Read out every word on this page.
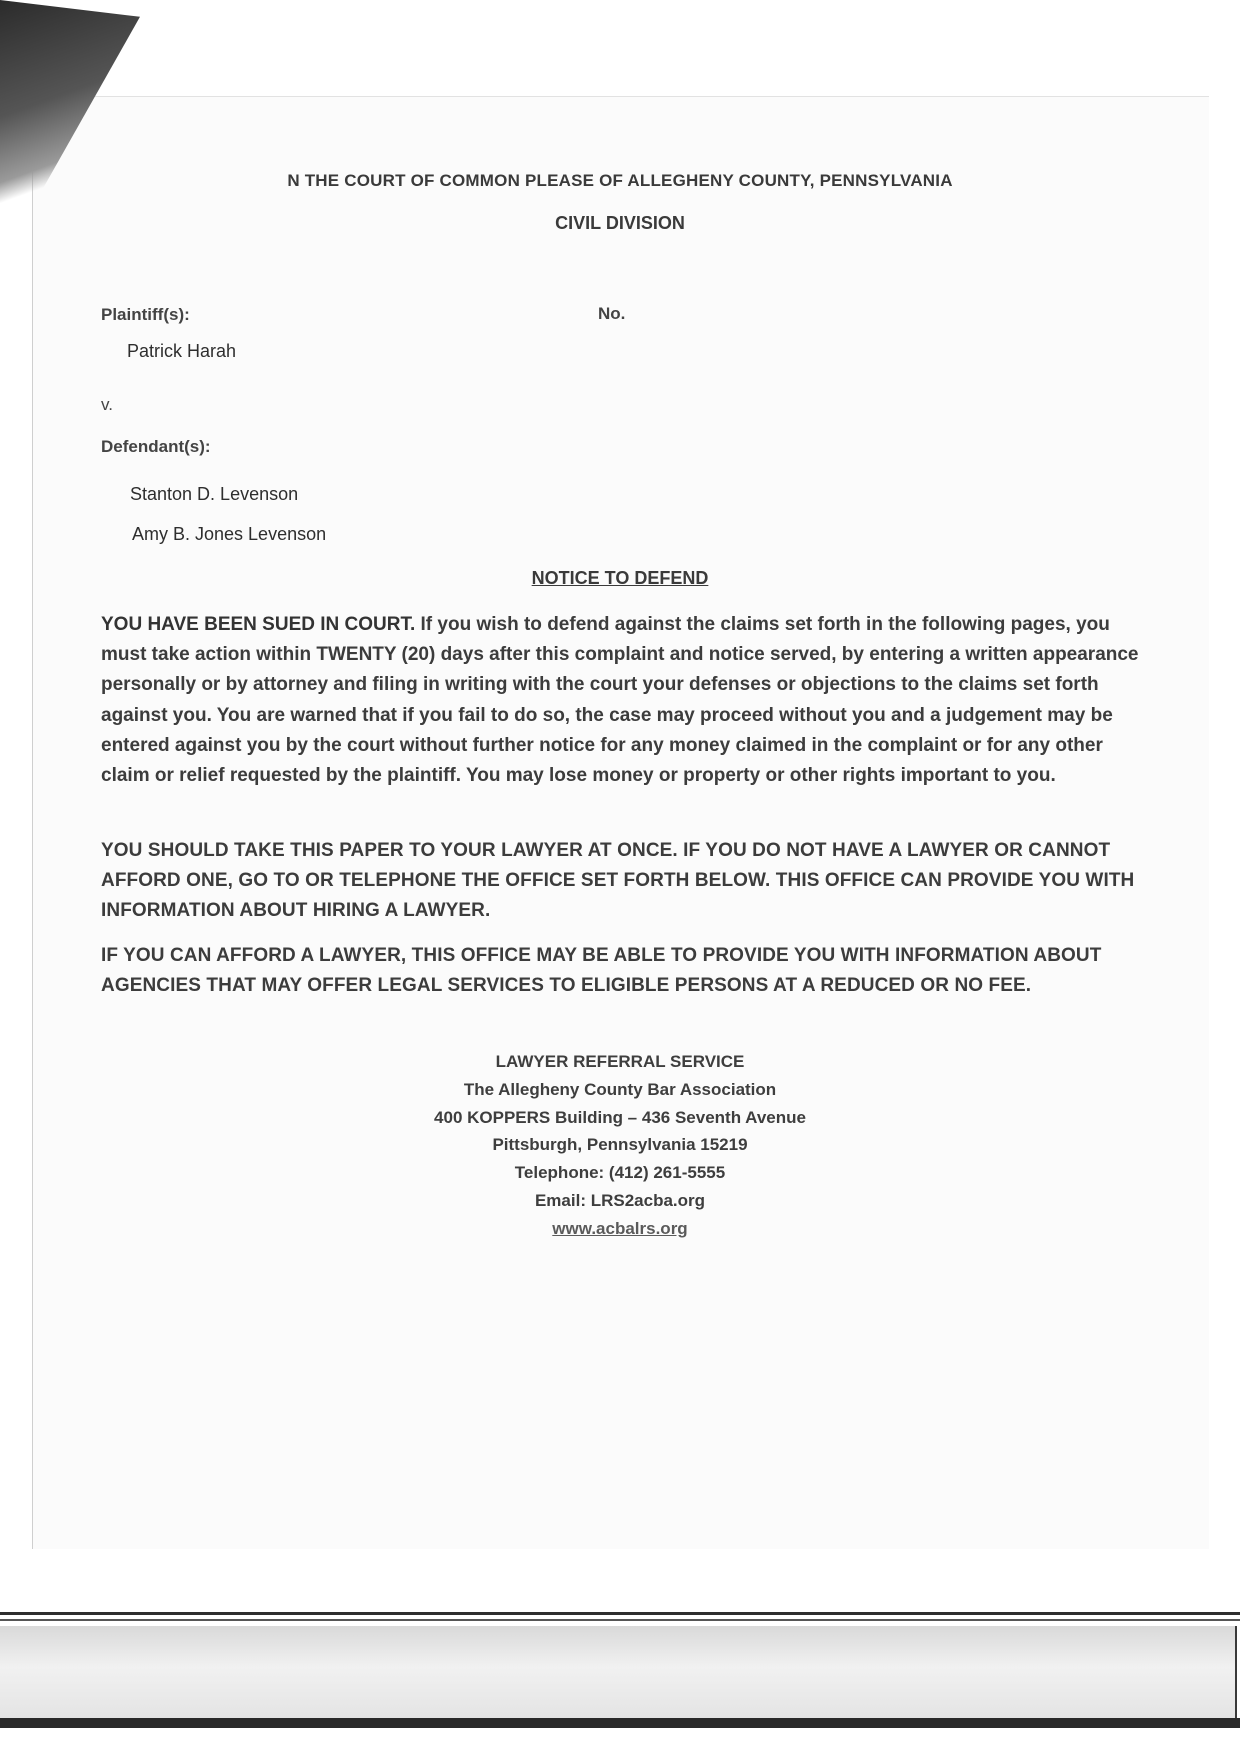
N THE COURT OF COMMON PLEASE OF ALLEGHENY COUNTY, PENNSYLVANIA
CIVIL DIVISION
Plaintiff(s):	No.
Patrick Harah
v.
Defendant(s):
Stanton D. Levenson
Amy B. Jones Levenson
NOTICE TO DEFEND

YOU HAVE BEEN SUED IN COURT. If you wish to defend against the claims set forth in the following pages, you must take action within TWENTY (20) days after this complaint and notice served, by entering a written appearance personally or by attorney and filing in writing with the court your defenses or objections to the claims set forth against you. You are warned that if you fail to do so, the case may proceed without you and a judgement may be entered against you by the court without further notice for any money claimed in the complaint or for any other claim or relief requested by the plaintiff. You may lose money or property or other rights important to you.

YOU SHOULD TAKE THIS PAPER TO YOUR LAWYER AT ONCE. IF YOU DO NOT HAVE A LAWYER OR CANNOT AFFORD ONE, GO TO OR TELEPHONE THE OFFICE SET FORTH BELOW. THIS OFFICE CAN PROVIDE YOU WITH INFORMATION ABOUT HIRING A LAWYER.

IF YOU CAN AFFORD A LAWYER, THIS OFFICE MAY BE ABLE TO PROVIDE YOU WITH INFORMATION ABOUT AGENCIES THAT MAY OFFER LEGAL SERVICES TO ELIGIBLE PERSONS AT A REDUCED OR NO FEE.

LAWYER REFERRAL SERVICE
The Allegheny County Bar Association
400 KOPPERS Building – 436 Seventh Avenue
Pittsburgh, Pennsylvania 15219
Telephone: (412) 261-5555
Email: LRS2acba.org
www.acbalrs.org
